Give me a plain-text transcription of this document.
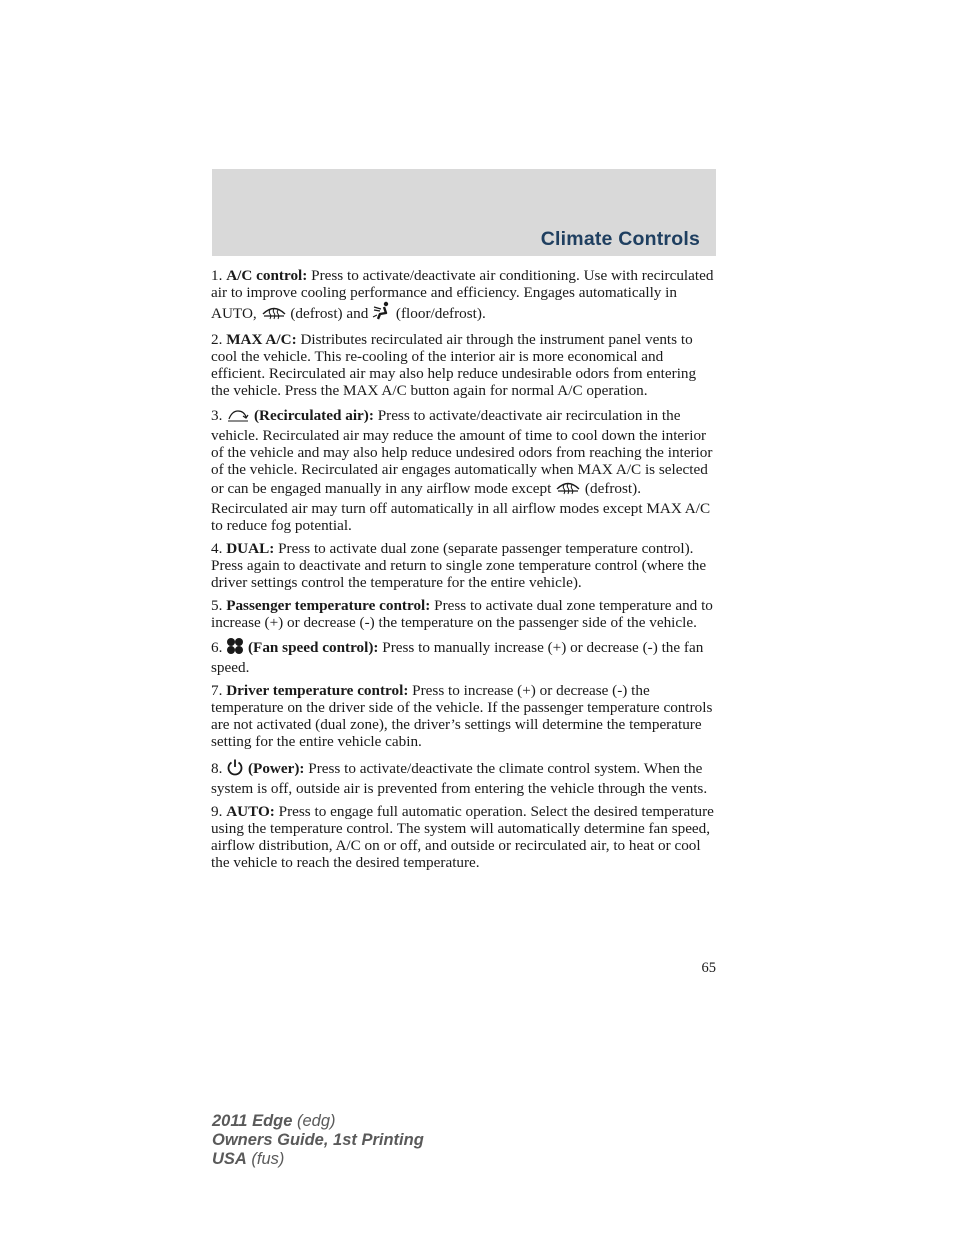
Climate Controls

1. A/C control: Press to activate/deactivate air conditioning. Use with recirculated air to improve cooling performance and efficiency. Engages automatically in AUTO,  (defrost) and  (floor/defrost).

2. MAX A/C: Distributes recirculated air through the instrument panel vents to cool the vehicle. This re-cooling of the interior air is more economical and efficient. Recirculated air may also help reduce undesirable odors from entering the vehicle. Press the MAX A/C button again for normal A/C operation.

3. (Recirculated air): Press to activate/deactivate air recirculation in the vehicle. Recirculated air may reduce the amount of time to cool down the interior of the vehicle and may also help reduce undesired odors from reaching the interior of the vehicle. Recirculated air engages automatically when MAX A/C is selected or can be engaged manually in any airflow mode except  (defrost). Recirculated air may turn off automatically in all airflow modes except MAX A/C to reduce fog potential.

4. DUAL: Press to activate dual zone (separate passenger temperature control). Press again to deactivate and return to single zone temperature control (where the driver settings control the temperature for the entire vehicle).

5. Passenger temperature control: Press to activate dual zone temperature and to increase (+) or decrease (-) the temperature on the passenger side of the vehicle.

6. (Fan speed control): Press to manually increase (+) or decrease (-) the fan speed.

7. Driver temperature control: Press to increase (+) or decrease (-) the temperature on the driver side of the vehicle. If the passenger temperature controls are not activated (dual zone), the driver’s settings will determine the temperature setting for the entire vehicle cabin.

8. (Power): Press to activate/deactivate the climate control system. When the system is off, outside air is prevented from entering the vehicle through the vents.

9. AUTO: Press to engage full automatic operation. Select the desired temperature using the temperature control. The system will automatically determine fan speed, airflow distribution, A/C on or off, and outside or recirculated air, to heat or cool the vehicle to reach the desired temperature.

65
2011 Edge (edg)
Owners Guide, 1st Printing
USA (fus)
